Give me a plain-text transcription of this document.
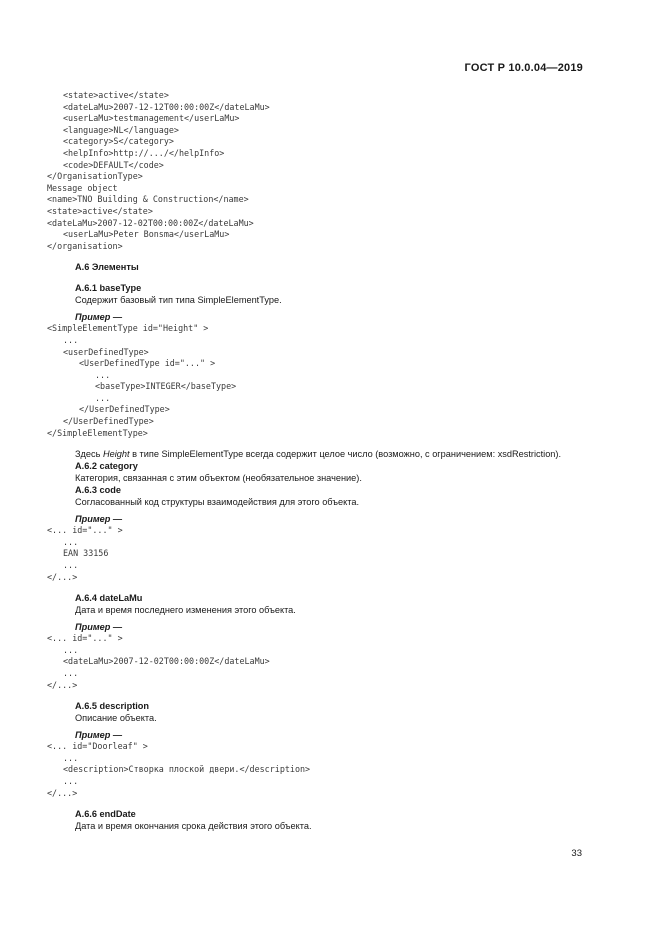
ГОСТ Р 10.0.04—2019
<state>active</state>
<dateLaMu>2007-12-12T00:00:00Z</dateLaMu>
<userLaMu>testmanagement</userLaMu>
<language>NL</language>
<category>S</category>
<helpInfo>http://.../</helpInfo>
<code>DEFAULT</code>
</OrganisationType>
Message object
<name>TNO Building & Construction</name>
<state>active</state>
<dateLaMu>2007-12-02T00:00:00Z</dateLaMu>
<userLaMu>Peter Bonsma</userLaMu>
</organisation>
A.6 Элементы
A.6.1 baseType
Содержит базовый тип типа SimpleElementType.
Пример —
<SimpleElementType id="Height" >
...
<userDefinedType>
<UserDefinedType id="..." >
...
<baseType>INTEGER</baseType>
...
</UserDefinedType>
</UserDefinedType>
</SimpleElementType>
Здесь Height в типе SimpleElementType всегда содержит целое число (возможно, с ограничением: xsdRestriction).
A.6.2 category
Категория, связанная с этим объектом (необязательное значение).
A.6.3 code
Согласованный код структуры взаимодействия для этого объекта.
Пример —
<... id="..." >
...
EAN 33156
...
</...>
A.6.4 dateLaMu
Дата и время последнего изменения этого объекта.
Пример —
<... id="..." >
...
<dateLaMu>2007-12-02T00:00:00Z</dateLaMu>
...
</...>
A.6.5 description
Описание объекта.
Пример —
<... id="Doorleaf" >
...
<description>Створка плоской двери.</description>
...
</...>
A.6.6 endDate
Дата и время окончания срока действия этого объекта.
33
